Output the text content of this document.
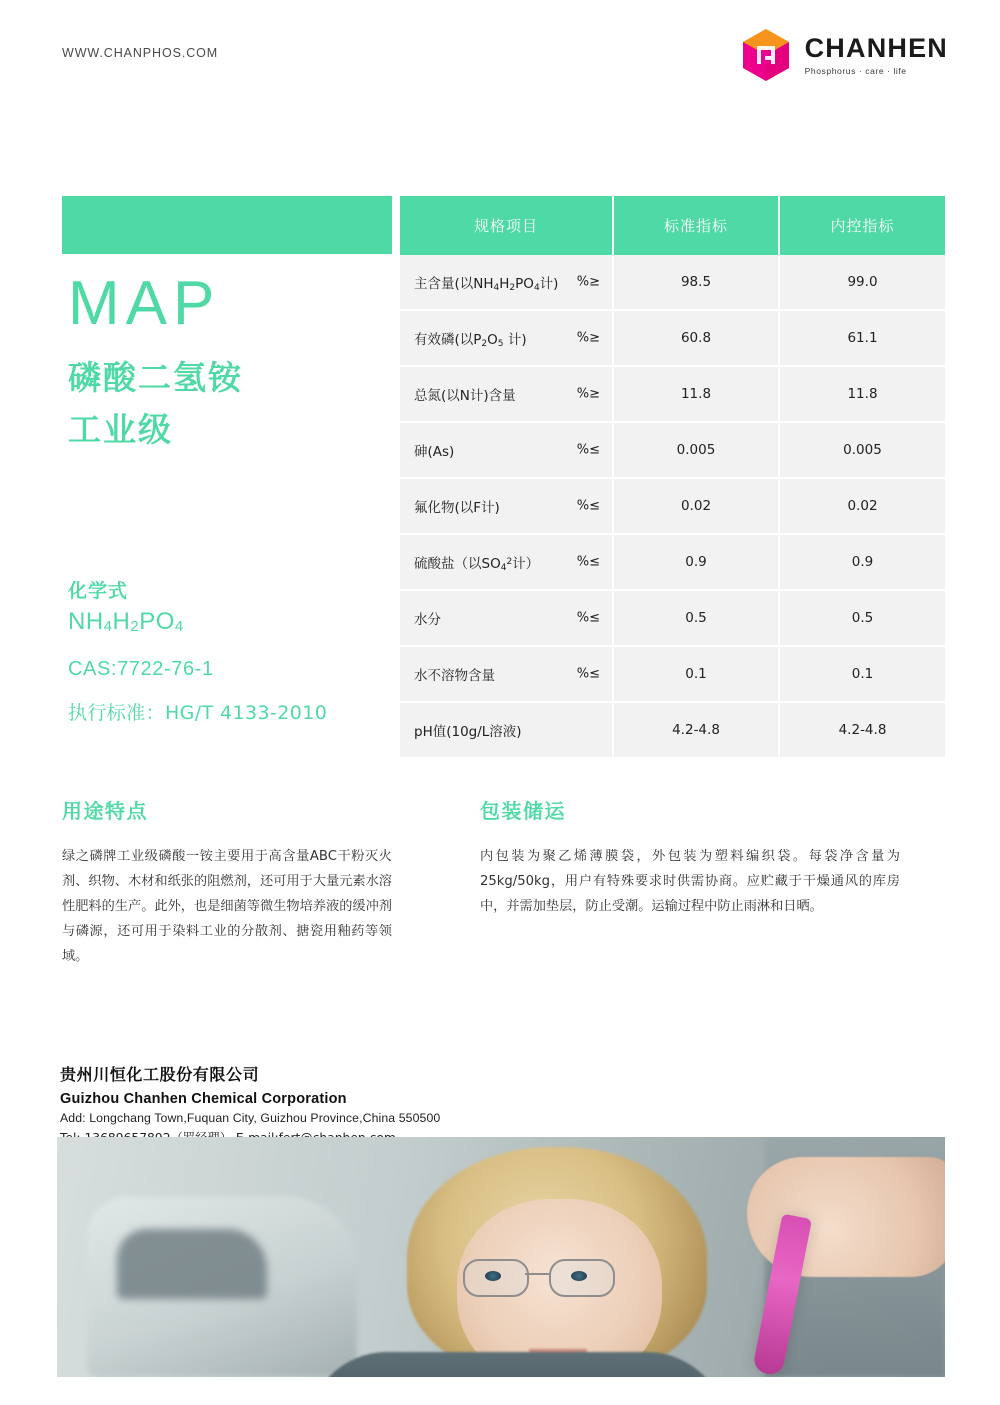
WWW.CHANPHOS.COM	CHANHEN
Phosphorus · care · life
MAP
磷酸二氢铵
工业级
化学式
$NH_4H_2PO_4$
CAS:7722-76-1
执行标准：HG/T 4133-2010
规格项目	标准指标	内控指标
主含量(以$NH_4H_2PO_4$计) %≥	98.5	99.0
有效磷(以$P_2O_5$ 计) %≥	60.8	61.1
总氮(以N计)含量 %≥	11.8	11.8
砷(As) %≤	0.005	0.005
氟化物(以F计) %≤	0.02	0.02
硫酸盐（以$SO_4^2$计） %≤	0.9	0.9
水分 %≤	0.5	0.5
水不溶物含量 %≤	0.1	0.1
pH值(10g/L溶液)	4.2-4.8	4.2-4.8
用途特点
绿之磷牌工业级磷酸一铵主要用于高含量ABC干粉灭火剂、织物、木材和纸张的阻燃剂，还可用于大量元素水溶性肥料的生产。此外，也是细菌等微生物培养液的缓冲剂与磷源，还可用于染料工业的分散剂、搪瓷用釉药等领域。
包装储运
内包装为聚乙烯薄膜袋，外包装为塑料编织袋。每袋净含量为25kg/50kg，用户有特殊要求时供需协商。应贮藏于干燥通风的库房中，并需加垫层，防止受潮。运输过程中防止雨淋和日晒。
贵州川恒化工股份有限公司
Guizhou Chanhen Chemical Corporation
Add: Longchang Town,Fuquan City, Guizhou Province,China 550500
